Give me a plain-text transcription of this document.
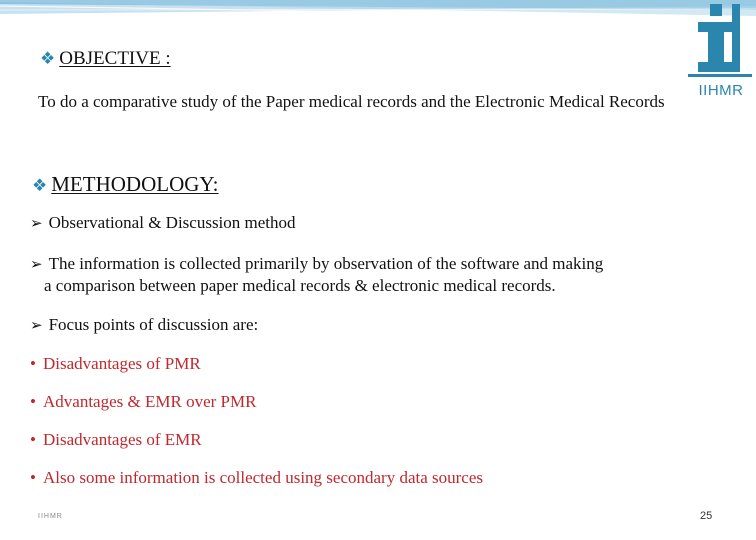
IIHMR
❖ OBJECTIVE :
To do a comparative study of the Paper medical records and the Electronic Medical Records
❖ METHODOLOGY:
➢ Observational & Discussion method
➢ The information is collected primarily by observation of the software and making
a comparison between paper medical records & electronic medical records.
➢ Focus points of discussion are:
• Disadvantages of PMR
• Advantages & EMR over PMR
• Disadvantages of EMR
• Also some information is collected using secondary data sources
IIHMR	25
